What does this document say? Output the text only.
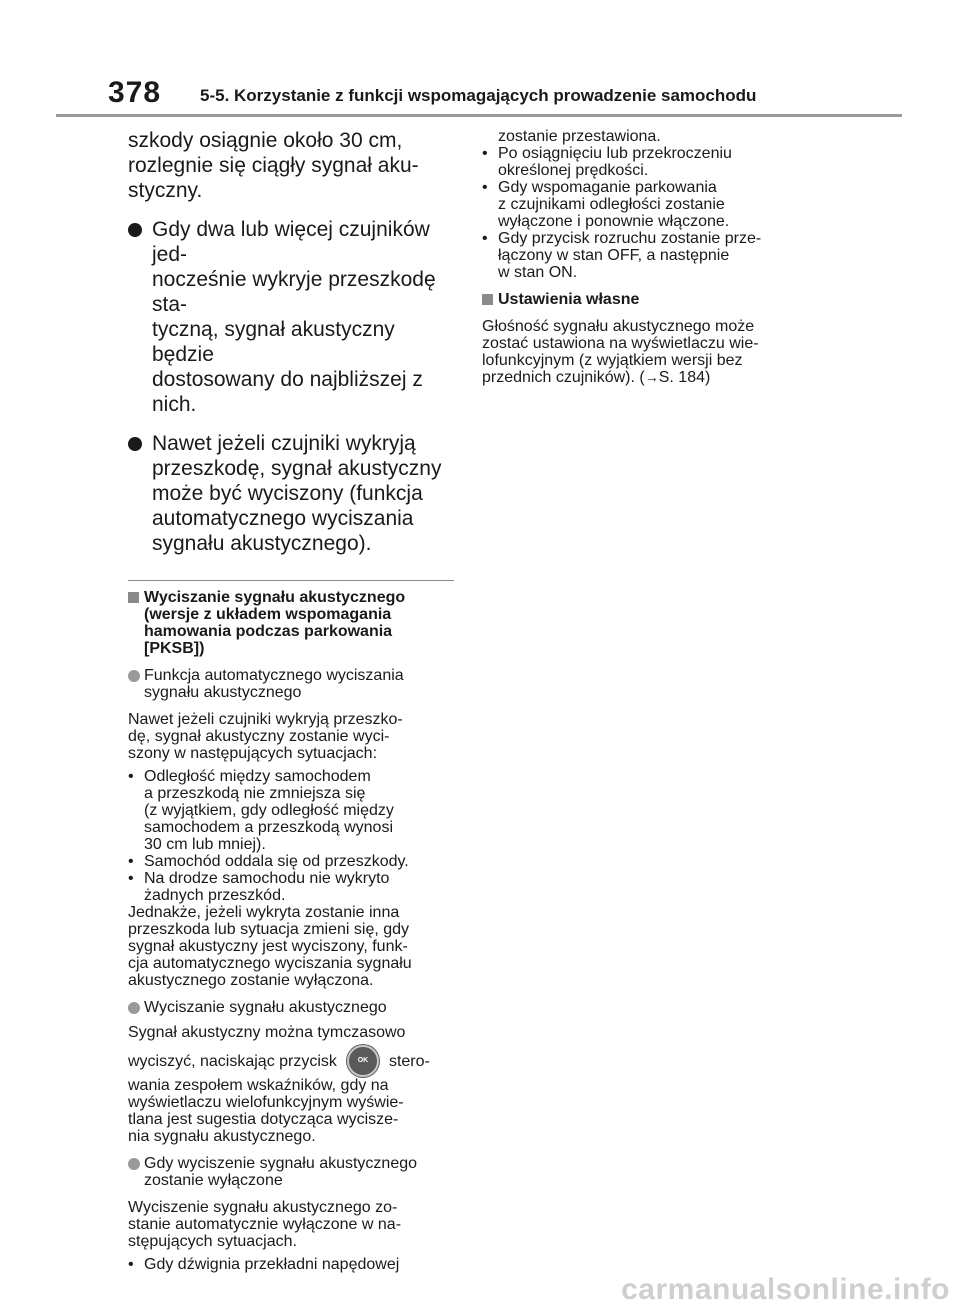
378 5-5. Korzystanie z funkcji wspomagających prowadzenie samochodu
szkody osiągnie około 30 cm,
rozlegnie się ciągły sygnał aku-
styczny.
Gdy dwa lub więcej czujników jed-
nocześnie wykryje przeszkodę sta-
tyczną, sygnał akustyczny będzie
dostosowany do najbliższej z nich.
Nawet jeżeli czujniki wykryją
przeszkodę, sygnał akustyczny
może być wyciszony (funkcja
automatycznego wyciszania
sygnału akustycznego).
Wyciszanie sygnału akustycznego
(wersje z układem wspomagania
hamowania podczas parkowania
[PKSB])
Funkcja automatycznego wyciszania
sygnału akustycznego
Nawet jeżeli czujniki wykryją przeszko-
dę, sygnał akustyczny zostanie wyci-
szony w następujących sytuacjach:
• Odległość między samochodem
a przeszkodą nie zmniejsza się
(z wyjątkiem, gdy odległość między
samochodem a przeszkodą wynosi
30 cm lub mniej).
• Samochód oddala się od przeszkody.
• Na drodze samochodu nie wykryto
żadnych przeszkód.
Jednakże, jeżeli wykryta zostanie inna
przeszkoda lub sytuacja zmieni się, gdy
sygnał akustyczny jest wyciszony, funk-
cja automatycznego wyciszania sygnału
akustycznego zostanie wyłączona.
Wyciszanie sygnału akustycznego
Sygnał akustyczny można tymczasowo
wyciszyć, naciskając przycisk	OK	stero-
wania zespołem wskaźników, gdy na
wyświetlaczu wielofunkcyjnym wyświe-
tlana jest sugestia dotycząca wycisze-
nia sygnału akustycznego.
Gdy wyciszenie sygnału akustycznego
zostanie wyłączone
Wyciszenie sygnału akustycznego zo-
stanie automatycznie wyłączone w na-
stępujących sytuacjach.
• Gdy dźwignia przekładni napędowej
zostanie przestawiona.
• Po osiągnięciu lub przekroczeniu
określonej prędkości.
• Gdy wspomaganie parkowania
z czujnikami odległości zostanie
wyłączone i ponownie włączone.
• Gdy przycisk rozruchu zostanie prze-
łączony w stan OFF, a następnie
w stan ON.
Ustawienia własne
Głośność sygnału akustycznego może
zostać ustawiona na wyświetlaczu wie-
lofunkcyjnym (z wyjątkiem wersji bez
przednich czujników). (→S. 184)
carmanualsonline.info
